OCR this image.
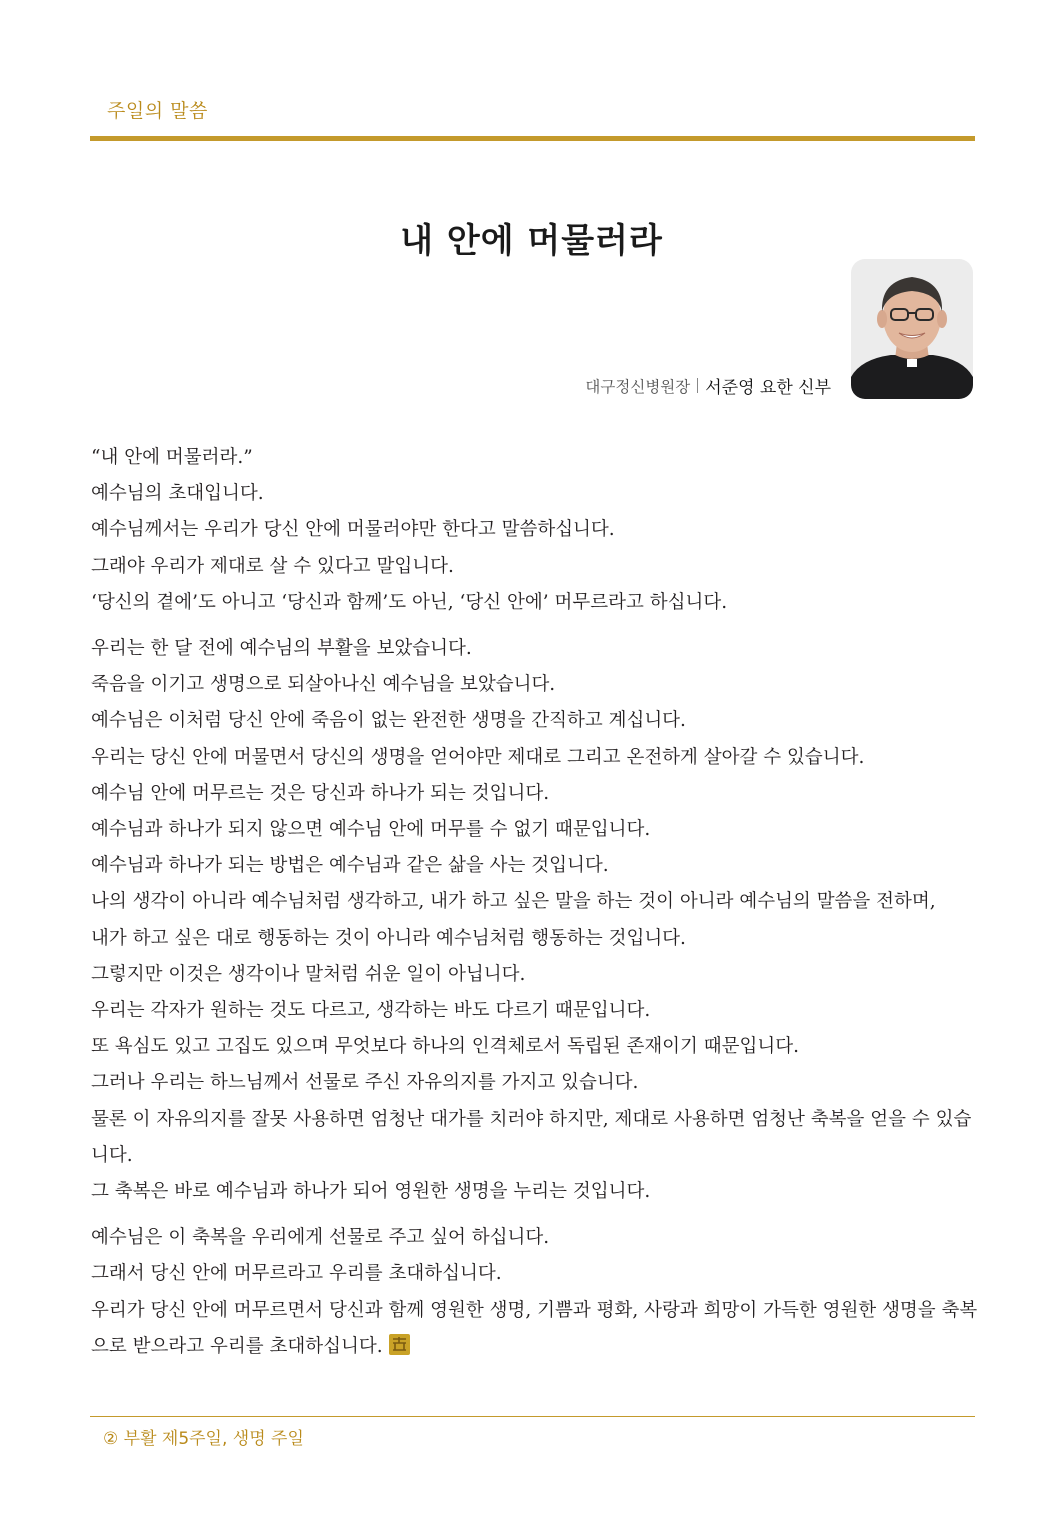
주일의 말씀
내 안에 머물러라
대구정신병원장 서준영 요한 신부

“내 안에 머물러라.”

예수님의 초대입니다.

예수님께서는 우리가 당신 안에 머물러야만 한다고 말씀하십니다.

그래야 우리가 제대로 살 수 있다고 말입니다.

‘당신의 곁에’도 아니고 ‘당신과 함께’도 아닌, ‘당신 안에’ 머무르라고 하십니다.

우리는 한 달 전에 예수님의 부활을 보았습니다.

죽음을 이기고 생명으로 되살아나신 예수님을 보았습니다.

예수님은 이처럼 당신 안에 죽음이 없는 완전한 생명을 간직하고 계십니다.

우리는 당신 안에 머물면서 당신의 생명을 얻어야만 제대로 그리고 온전하게 살아갈 수 있습니다.

예수님 안에 머무르는 것은 당신과 하나가 되는 것입니다.

예수님과 하나가 되지 않으면 예수님 안에 머무를 수 없기 때문입니다.

예수님과 하나가 되는 방법은 예수님과 같은 삶을 사는 것입니다.

나의 생각이 아니라 예수님처럼 생각하고, 내가 하고 싶은 말을 하는 것이 아니라 예수님의 말씀을 전하며,

내가 하고 싶은 대로 행동하는 것이 아니라 예수님처럼 행동하는 것입니다.

그렇지만 이것은 생각이나 말처럼 쉬운 일이 아닙니다.

우리는 각자가 원하는 것도 다르고, 생각하는 바도 다르기 때문입니다.

또 욕심도 있고 고집도 있으며 무엇보다 하나의 인격체로서 독립된 존재이기 때문입니다.

그러나 우리는 하느님께서 선물로 주신 자유의지를 가지고 있습니다.

물론 이 자유의지를 잘못 사용하면 엄청난 대가를 치러야 하지만, 제대로 사용하면 엄청난 축복을 얻을 수 있습니다.

그 축복은 바로 예수님과 하나가 되어 영원한 생명을 누리는 것입니다.

예수님은 이 축복을 우리에게 선물로 주고 싶어 하십니다.

그래서 당신 안에 머무르라고 우리를 초대하십니다.

우리가 당신 안에 머무르면서 당신과 함께 영원한 생명, 기쁨과 평화, 사랑과 희망이 가득한 영원한 생명을 축복으로 받으라고 우리를 초대하십니다.

② 부활 제5주일, 생명 주일
